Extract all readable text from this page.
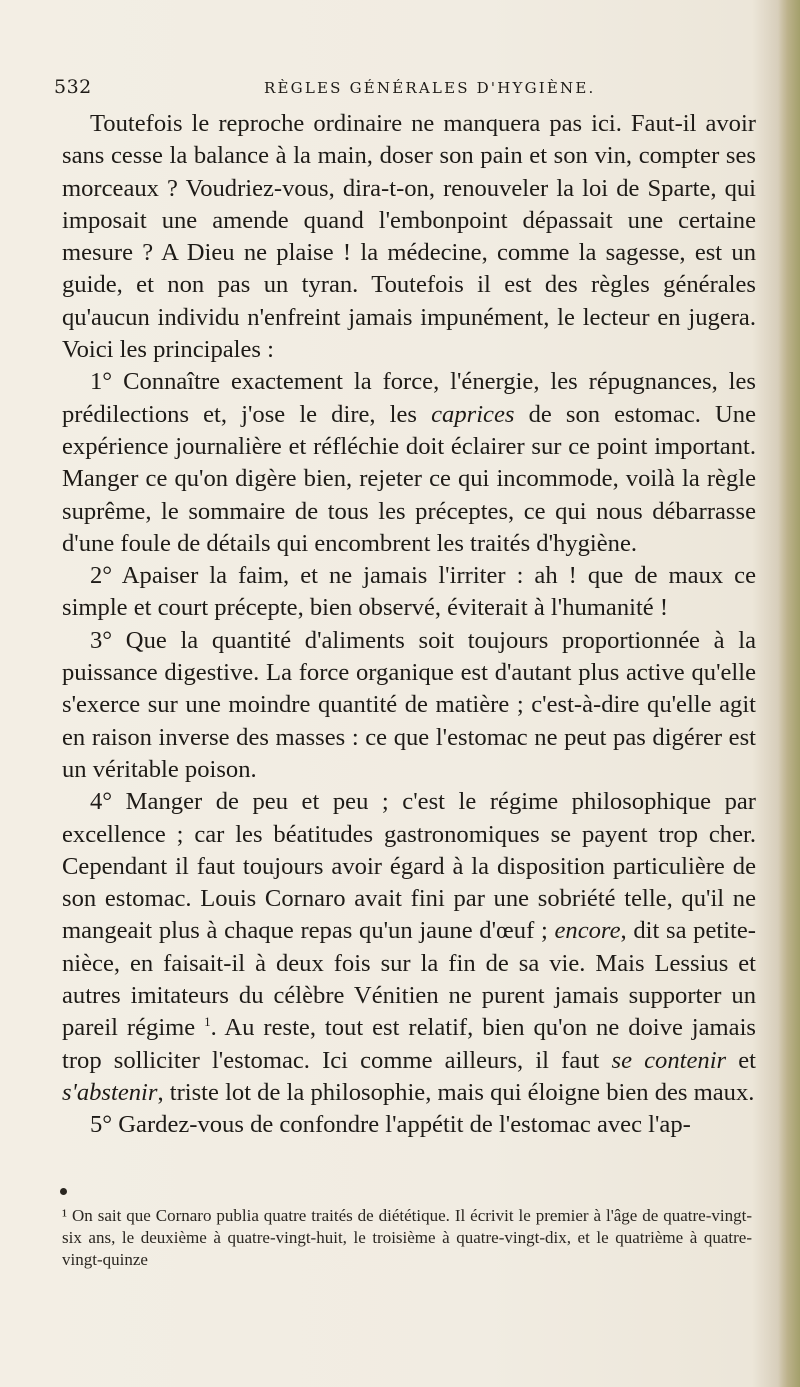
532	RÈGLES GÉNÉRALES D'HYGIÈNE.

Toutefois le reproche ordinaire ne manquera pas ici. Faut-il avoir sans cesse la balance à la main, doser son pain et son vin, compter ses morceaux ? Voudriez-vous, dira-t-on, renouveler la loi de Sparte, qui imposait une amende quand l'embonpoint dépassait une certaine mesure ? A Dieu ne plaise ! la médecine, comme la sagesse, est un guide, et non pas un tyran. Toutefois il est des règles générales qu'aucun individu n'enfreint jamais impunément, le lecteur en jugera. Voici les principales :

1° Connaître exactement la force, l'énergie, les répugnances, les prédilections et, j'ose le dire, les caprices de son estomac. Une expérience journalière et réfléchie doit éclairer sur ce point important. Manger ce qu'on digère bien, rejeter ce qui incommode, voilà la règle suprême, le sommaire de tous les préceptes, ce qui nous débarrasse d'une foule de détails qui encombrent les traités d'hygiène.

2° Apaiser la faim, et ne jamais l'irriter : ah ! que de maux ce simple et court précepte, bien observé, éviterait à l'humanité !

3° Que la quantité d'aliments soit toujours proportionnée à la puissance digestive. La force organique est d'autant plus active qu'elle s'exerce sur une moindre quantité de matière ; c'est-à-dire qu'elle agit en raison inverse des masses : ce que l'estomac ne peut pas digérer est un véritable poison.

4° Manger de peu et peu ; c'est le régime philosophique par excellence ; car les béatitudes gastronomiques se payent trop cher. Cependant il faut toujours avoir égard à la disposition particulière de son estomac. Louis Cornaro avait fini par une sobriété telle, qu'il ne mangeait plus à chaque repas qu'un jaune d'œuf ; encore, dit sa petite-nièce, en faisait-il à deux fois sur la fin de sa vie. Mais Lessius et autres imitateurs du célèbre Vénitien ne purent jamais supporter un pareil régime $^1$. Au reste, tout est relatif, bien qu'on ne doive jamais trop solliciter l'estomac. Ici comme ailleurs, il faut se contenir et s'abstenir, triste lot de la philosophie, mais qui éloigne bien des maux.

5° Gardez-vous de confondre l'appétit de l'estomac avec l'ap-

¹ On sait que Cornaro publia quatre traités de diététique. Il écrivit le premier à l'âge de quatre-vingt-six ans, le deuxième à quatre-vingt-huit, le troisième à quatre-vingt-dix, et le quatrième à quatre-vingt-quinze
